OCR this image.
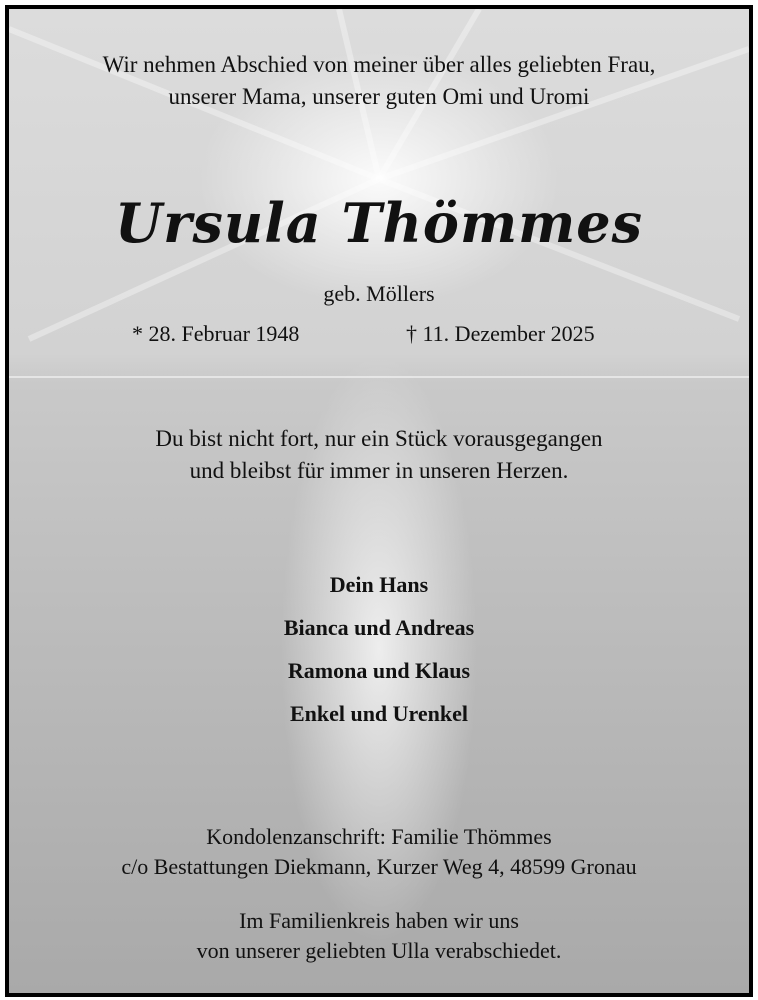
Wir nehmen Abschied von meiner über alles geliebten Frau,
unserer Mama, unserer guten Omi und Uromi
Ursula Thömmes
geb. Möllers
* 28. Februar 1948	† 11. Dezember 2025
Du bist nicht fort, nur ein Stück vorausgegangen
und bleibst für immer in unseren Herzen.
Dein Hans
Bianca und Andreas
Ramona und Klaus
Enkel und Urenkel
Kondolenzanschrift: Familie Thömmes
c/o Bestattungen Diekmann, Kurzer Weg 4, 48599 Gronau
Im Familienkreis haben wir uns
von unserer geliebten Ulla verabschiedet.
